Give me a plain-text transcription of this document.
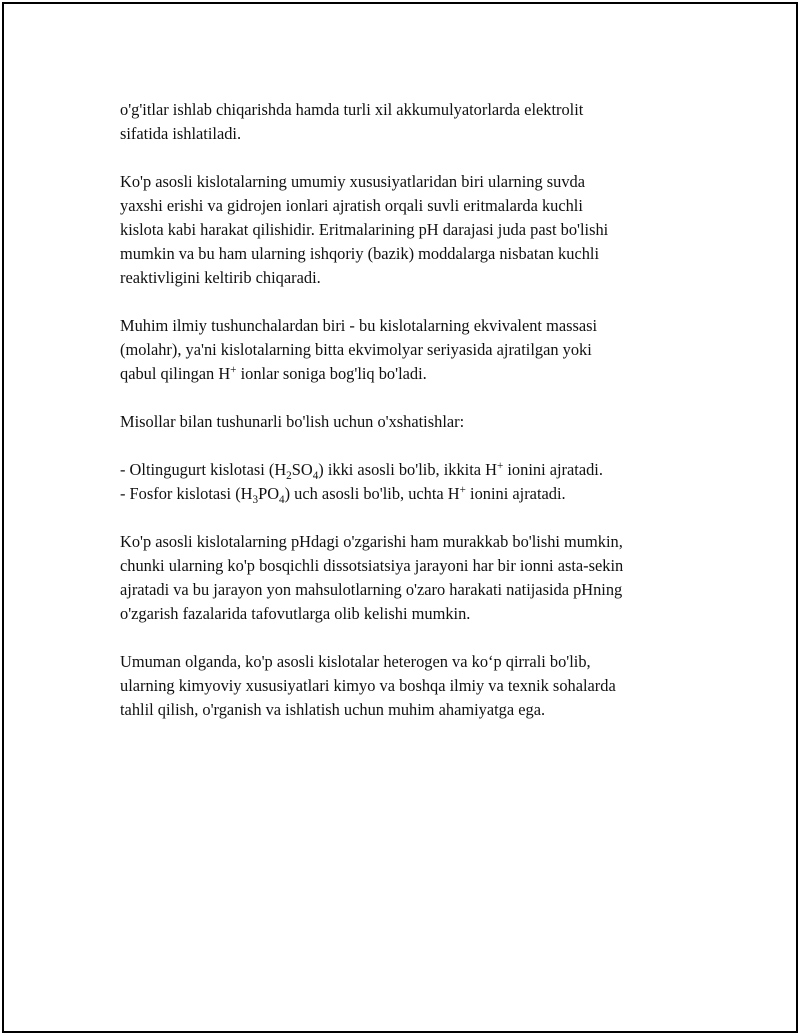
o'g'itlar ishlab chiqarishda hamda turli xil akkumulyatorlarda elektrolit
sifatida ishlatiladi.

Ko'p asosli kislotalarning umumiy xususiyatlaridan biri ularning suvda
yaxshi erishi va gidrojen ionlari ajratish orqali suvli eritmalarda kuchli
kislota kabi harakat qilishidir. Eritmalarining pH darajasi juda past bo'lishi
mumkin va bu ham ularning ishqoriy (bazik) moddalarga nisbatan kuchli
reaktivligini keltirib chiqaradi.

Muhim ilmiy tushunchalardan biri - bu kislotalarning ekvivalent massasi
(molahr), ya'ni kislotalarning bitta ekvimolyar seriyasida ajratilgan yoki
qabul qilingan H+ ionlar soniga bog'liq bo'ladi.

Misollar bilan tushunarli bo'lish uchun o'xshatishlar:

- Oltingugurt kislotasi $(H_2SO_4)$ ikki asosli bo'lib, ikkita H+ ionini ajratadi.
- Fosfor kislotasi $(H_3PO_4)$ uch asosli bo'lib, uchta H+ ionini ajratadi.

Ko'p asosli kislotalarning pHdagi o'zgarishi ham murakkab bo'lishi mumkin,
chunki ularning ko'p bosqichli dissotsiatsiya jarayoni har bir ionni asta-sekin
ajratadi va bu jarayon yon mahsulotlarning o'zaro harakati natijasida pHning
o'zgarish fazalarida tafovutlarga olib kelishi mumkin.

Umuman olganda, ko'p asosli kislotalar heterogen va ko‘p qirrali bo'lib,
ularning kimyoviy xususiyatlari kimyo va boshqa ilmiy va texnik sohalarda
tahlil qilish, o'rganish va ishlatish uchun muhim ahamiyatga ega.
